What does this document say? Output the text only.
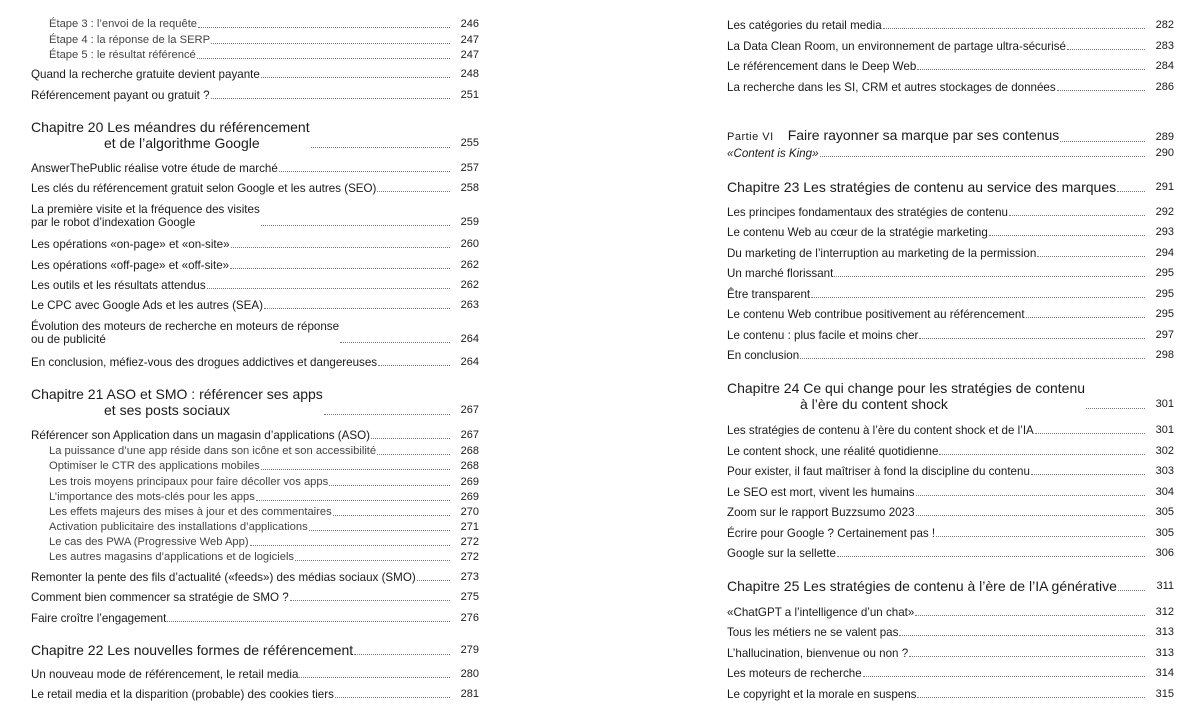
Étape 3 : l’envoi de la requête	246
Étape 4 : la réponse de la SERP	247
Étape 5 : le résultat référencé	247
Quand la recherche gratuite devient payante	248
Référencement payant ou gratuit ?	251
Chapitre 20 Les méandres du référencement
et de l’algorithme Google	255
AnswerThePublic réalise votre étude de marché	257
Les clés du référencement gratuit selon Google et les autres (SEO)	258
La première visite et la fréquence des visites
par le robot d’indexation Google	259
Les opérations «on-page» et «on-site»	260
Les opérations «off-page» et «off-site»	262
Les outils et les résultats attendus	262
Le CPC avec Google Ads et les autres (SEA)	263
Évolution des moteurs de recherche en moteurs de réponse
ou de publicité	264
En conclusion, méfiez-vous des drogues addictives et dangereuses	264
Chapitre 21 ASO et SMO : référencer ses apps
et ses posts sociaux	267
Référencer son Application dans un magasin d’applications (ASO)	267
La puissance d’une app réside dans son icône et son accessibilité	268
Optimiser le CTR des applications mobiles	268
Les trois moyens principaux pour faire décoller vos apps	269
L’importance des mots-clés pour les apps	269
Les effets majeurs des mises à jour et des commentaires	270
Activation publicitaire des installations d’applications	271
Le cas des PWA (Progressive Web App)	272
Les autres magasins d’applications et de logiciels	272
Remonter la pente des fils d’actualité («feeds») des médias sociaux (SMO)	273
Comment bien commencer sa stratégie de SMO ?	275
Faire croître l’engagement	276
Chapitre 22 Les nouvelles formes de référencement	279
Un nouveau mode de référencement, le retail media	280
Le retail media et la disparition (probable) des cookies tiers	281
Les catégories du retail media	282
La Data Clean Room, un environnement de partage ultra-sécurisé	283
Le référencement dans le Deep Web	284
La recherche dans les SI, CRM et autres stockages de données	286
Partie VI Faire rayonner sa marque par ses contenus	289
«Content is King»	290
Chapitre 23 Les stratégies de contenu au service des marques	291
Les principes fondamentaux des stratégies de contenu	292
Le contenu Web au cœur de la stratégie marketing	293
Du marketing de l’interruption au marketing de la permission	294
Un marché florissant	295
Être transparent	295
Le contenu Web contribue positivement au référencement	295
Le contenu : plus facile et moins cher	297
En conclusion	298
Chapitre 24 Ce qui change pour les stratégies de contenu
à l’ère du content shock	301
Les stratégies de contenu à l’ère du content shock et de l’IA	301
Le content shock, une réalité quotidienne	302
Pour exister, il faut maîtriser à fond la discipline du contenu	303
Le SEO est mort, vivent les humains	304
Zoom sur le rapport Buzzsumo 2023	305
Écrire pour Google ? Certainement pas !	305
Google sur la sellette	306
Chapitre 25 Les stratégies de contenu à l’ère de l’IA générative	311
«ChatGPT a l’intelligence d’un chat»	312
Tous les métiers ne se valent pas	313
L’hallucination, bienvenue ou non ?	313
Les moteurs de recherche	314
Le copyright et la morale en suspens	315
